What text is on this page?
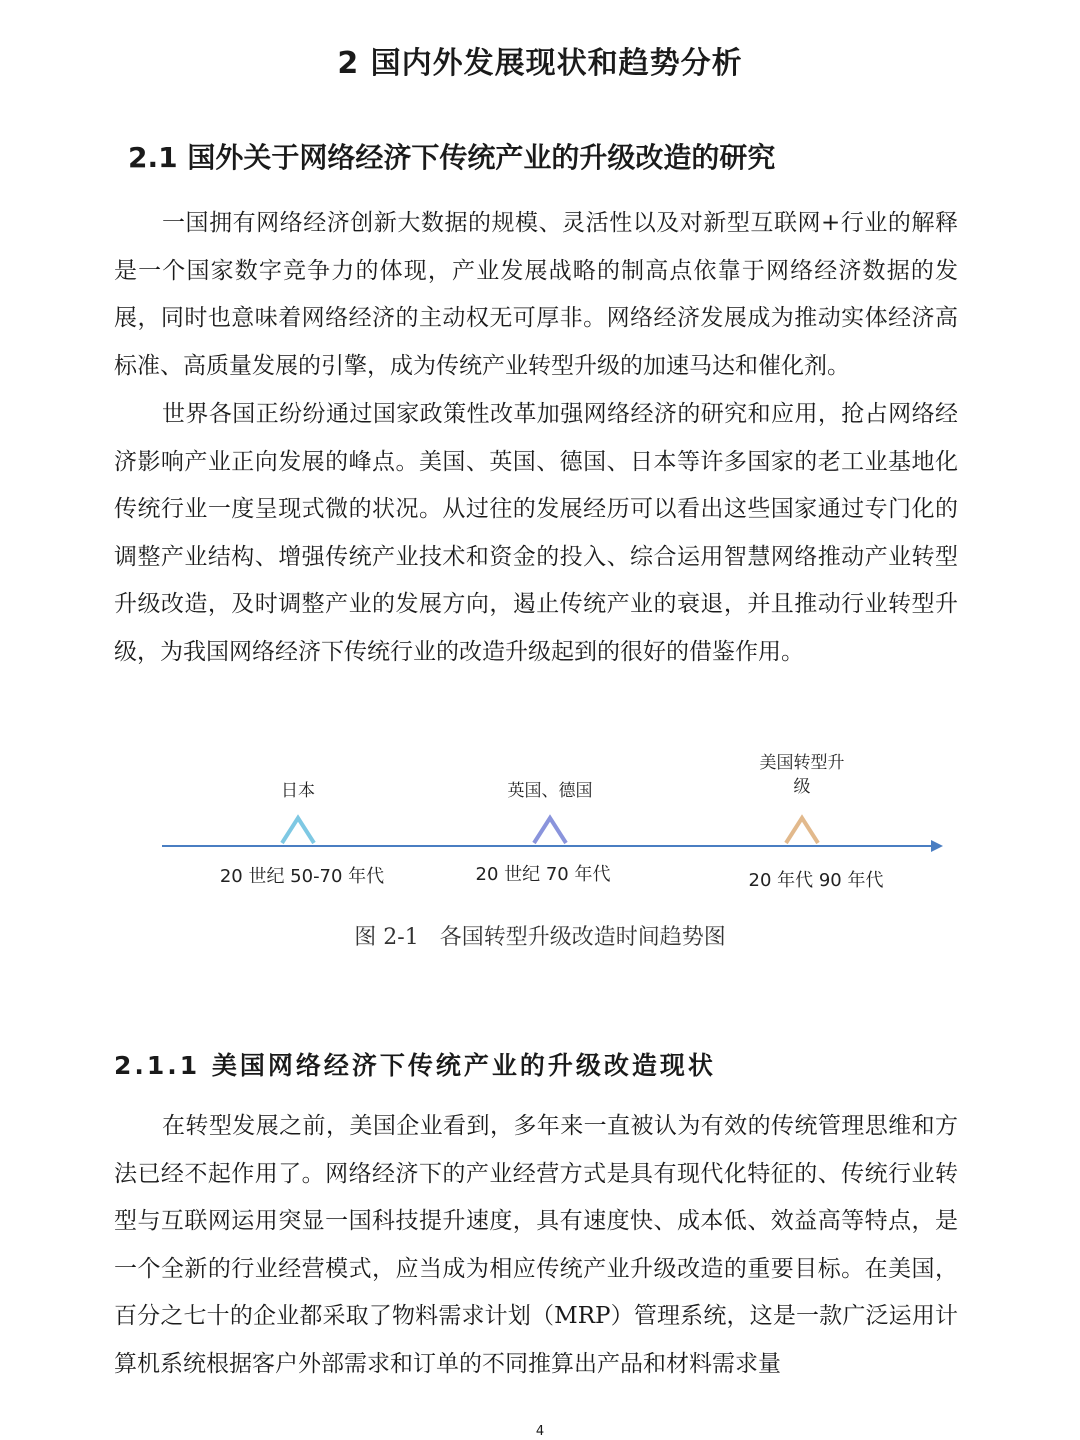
2 国内外发展现状和趋势分析
2.1 国外关于网络经济下传统产业的升级改造的研究

一国拥有网络经济创新大数据的规模、灵活性以及对新型互联网+行业的解释是一个国家数字竞争力的体现，产业发展战略的制高点依靠于网络经济数据的发展，同时也意味着网络经济的主动权无可厚非。网络经济发展成为推动实体经济高标准、高质量发展的引擎，成为传统产业转型升级的加速马达和催化剂。

世界各国正纷纷通过国家政策性改革加强网络经济的研究和应用，抢占网络经济影响产业正向发展的峰点。美国、英国、德国、日本等许多国家的老工业基地化传统行业一度呈现式微的状况。从过往的发展经历可以看出这些国家通过专门化的调整产业结构、增强传统产业技术和资金的投入、综合运用智慧网络推动产业转型升级改造，及时调整产业的发展方向，遏止传统产业的衰退，并且推动行业转型升级，为我国网络经济下传统行业的改造升级起到的很好的借鉴作用。

日本	英国、德国
美国转型升级
20 世纪 50-70 年代	20 世纪 70 年代	20 年代 90 年代
图 2-1   各国转型升级改造时间趋势图
2.1.1 美国网络经济下传统产业的升级改造现状

在转型发展之前，美国企业看到，多年来一直被认为有效的传统管理思维和方法已经不起作用了。网络经济下的产业经营方式是具有现代化特征的、传统行业转型与互联网运用突显一国科技提升速度，具有速度快、成本低、效益高等特点，是一个全新的行业经营模式，应当成为相应传统产业升级改造的重要目标。在美国，百分之七十的企业都采取了物料需求计划（MRP）管理系统，这是一款广泛运用计算机系统根据客户外部需求和订单的不同推算出产品和材料需求量

4
